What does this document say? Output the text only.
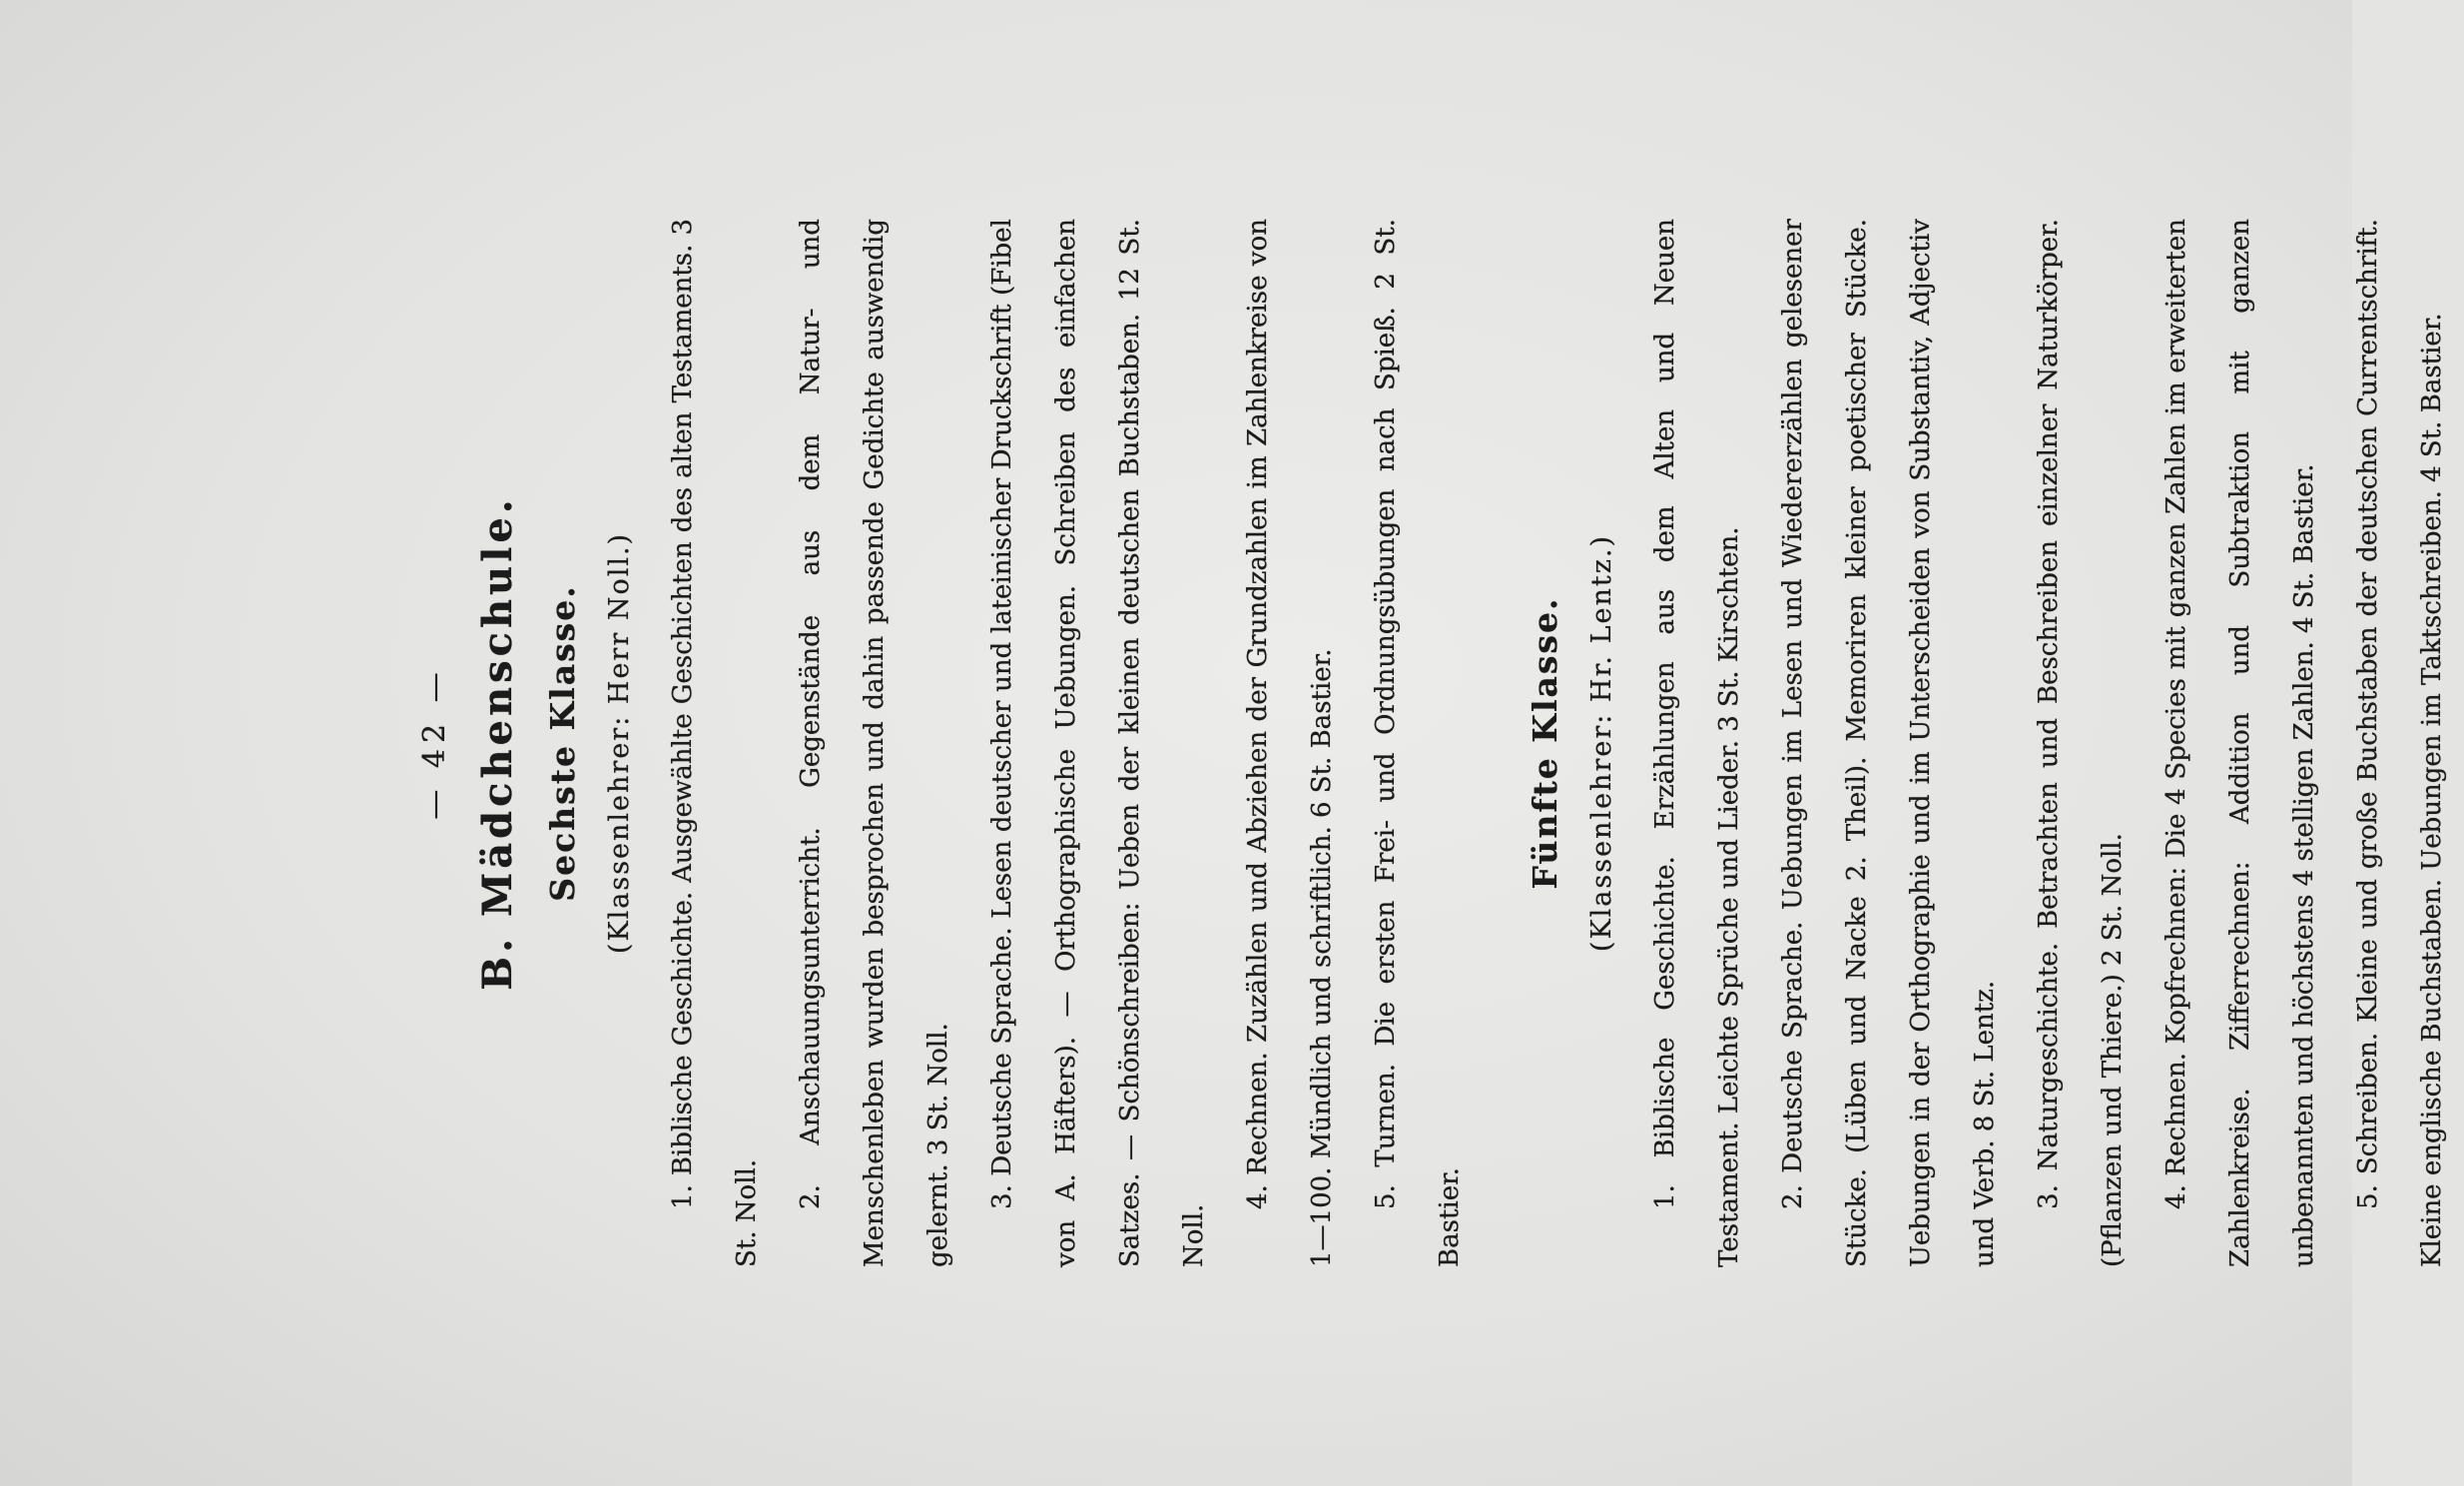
— 42 — B. Mädchenschule. Sechste Klasse. (Klassenlehrer: Herr Noll.)	1. Biblische Geschichte. Ausgewählte Geschichten des alten Testaments. 3 St. Noll.

2. Anschauungsunterricht. Gegenstände aus dem Natur- und Menschenleben wurden besprochen und dahin passende Gedichte auswendig gelernt. 3 St. Noll.	3. Deutsche Sprache. Lesen deutscher und lateinischer Druckschrift (Fibel von A. Häfters). — Orthographische Uebungen. Schreiben des einfachen Satzes. — Schönschreiben: Ueben der kleinen deutschen Buchstaben. 12 St. Noll.

4. Rechnen. Zuzählen und Abziehen der Grundzahlen im Zahlenkreise von 1—100. Mündlich und schriftlich. 6 St. Bastier.	5. Turnen. Die ersten Frei- und Ordnungsübungen nach Spieß. 2 St. Bastier.

Fünfte Klasse. (Klassenlehrer: Hr. Lentz.)	1. Biblische Geschichte. Erzählungen aus dem Alten und Neuen Testament. Leichte Sprüche und Lieder. 3 St. Kirschten.	2. Deutsche Sprache. Uebungen im Lesen und Wiedererzählen gelesener Stücke. (Lüben und Nacke 2. Theil). Memoriren kleiner poetischer Stücke. Uebungen in der Orthographie und im Unterscheiden von Substantiv, Adjectiv und Verb. 8 St. Lentz.	3. Naturgeschichte. Betrachten und Beschreiben einzelner Naturkörper. (Pflanzen und Thiere.) 2 St. Noll.	4. Rechnen. Kopfrechnen: Die 4 Species mit ganzen Zahlen im erweiterten Zahlenkreise. Zifferrechnen: Addition und Subtraktion mit ganzen unbenannten und höchstens 4 stelligen Zahlen. 4 St. Bastier.	5. Schreiben. Kleine und große Buchstaben der deutschen Currentschrift. Kleine englische Buchstaben. Uebungen im Taktschreiben. 4 St. Bastier.
